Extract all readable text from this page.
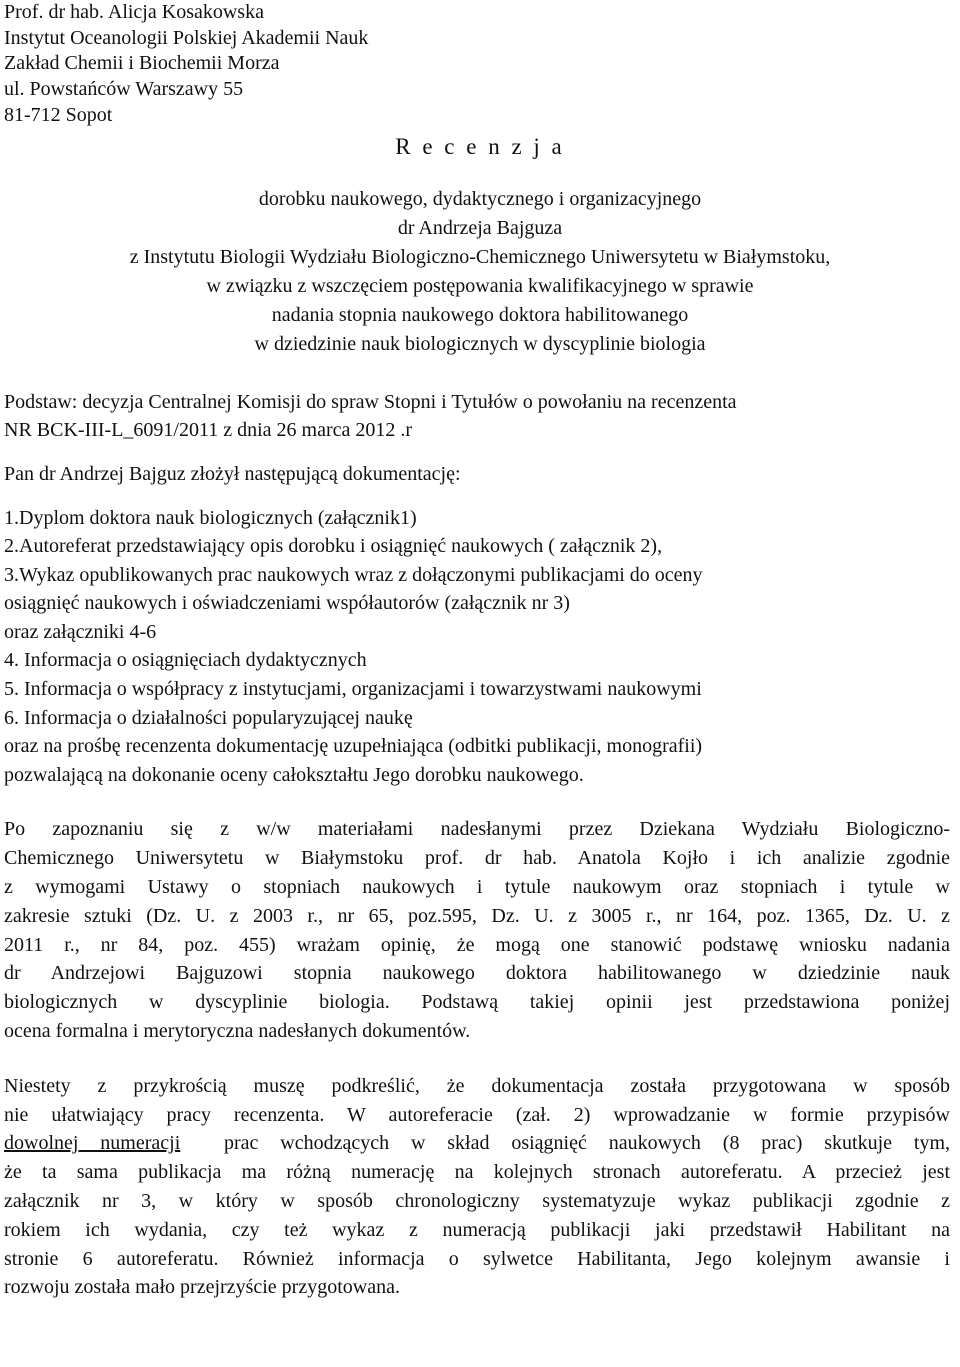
Prof. dr hab. Alicja Kosakowska

Instytut Oceanologii Polskiej Akademii Nauk

Zakład Chemii i Biochemii Morza

ul. Powstańców Warszawy 55

81-712 Sopot

R e c e n z j a

dorobku naukowego, dydaktycznego i organizacyjnego

dr Andrzeja Bajguza

z Instytutu Biologii Wydziału Biologiczno-Chemicznego Uniwersytetu w Białymstoku,

w związku z wszczęciem postępowania kwalifikacyjnego w sprawie

nadania stopnia naukowego doktora habilitowanego

w dziedzinie nauk biologicznych w dyscyplinie biologia

Podstaw: decyzja Centralnej Komisji do spraw Stopni i Tytułów o powołaniu na recenzenta

NR BCK-III-L_6091/2011 z dnia 26 marca 2012 .r

Pan dr Andrzej Bajguz złożył następującą dokumentację:

1.Dyplom doktora nauk biologicznych (załącznik1)

2.Autoreferat przedstawiający opis dorobku i osiągnięć naukowych ( załącznik 2),

3.Wykaz opublikowanych prac naukowych wraz z dołączonymi publikacjami do oceny

osiągnięć naukowych i oświadczeniami współautorów (załącznik nr 3)

oraz załączniki 4-6

4. Informacja o osiągnięciach dydaktycznych

5. Informacja o współpracy z instytucjami, organizacjami i towarzystwami naukowymi

6. Informacja o działalności popularyzującej naukę

oraz na prośbę recenzenta dokumentację uzupełniająca (odbitki publikacji, monografii)

pozwalającą na dokonanie oceny całokształtu Jego dorobku naukowego.

Po zapoznaniu się z w/w materiałami nadesłanymi przez Dziekana Wydziału Biologiczno-
Chemicznego Uniwersytetu w Białymstoku prof. dr hab. Anatola Kojło i ich analizie zgodnie
z wymogami Ustawy o stopniach naukowych i tytule naukowym oraz stopniach i tytule w
zakresie sztuki (Dz. U. z 2003 r., nr 65, poz.595, Dz. U. z 3005 r., nr 164, poz. 1365, Dz. U. z
2011 r., nr 84, poz. 455) wrażam opinię, że mogą one stanowić podstawę wniosku nadania
dr Andrzejowi Bajguzowi stopnia naukowego doktora habilitowanego w dziedzinie nauk
biologicznych w dyscyplinie biologia. Podstawą takiej opinii jest przedstawiona poniżej
ocena formalna i merytoryczna nadesłanych dokumentów.
Niestety z przykrością muszę podkreślić, że dokumentacja została przygotowana w sposób
nie ułatwiający pracy recenzenta. W autoreferacie (zał. 2) wprowadzanie w formie przypisów
dowolnej numeracji  prac wchodzących w skład osiągnięć naukowych (8 prac) skutkuje tym,
że ta sama publikacja ma różną numerację na kolejnych stronach autoreferatu. A przecież jest
załącznik nr 3, w który w sposób chronologiczny systematyzuje wykaz publikacji zgodnie z
rokiem ich wydania, czy też wykaz z numeracją publikacji jaki przedstawił Habilitant na
stronie 6 autoreferatu. Również informacja o sylwetce Habilitanta, Jego kolejnym awansie i
rozwoju została mało przejrzyście przygotowana.
